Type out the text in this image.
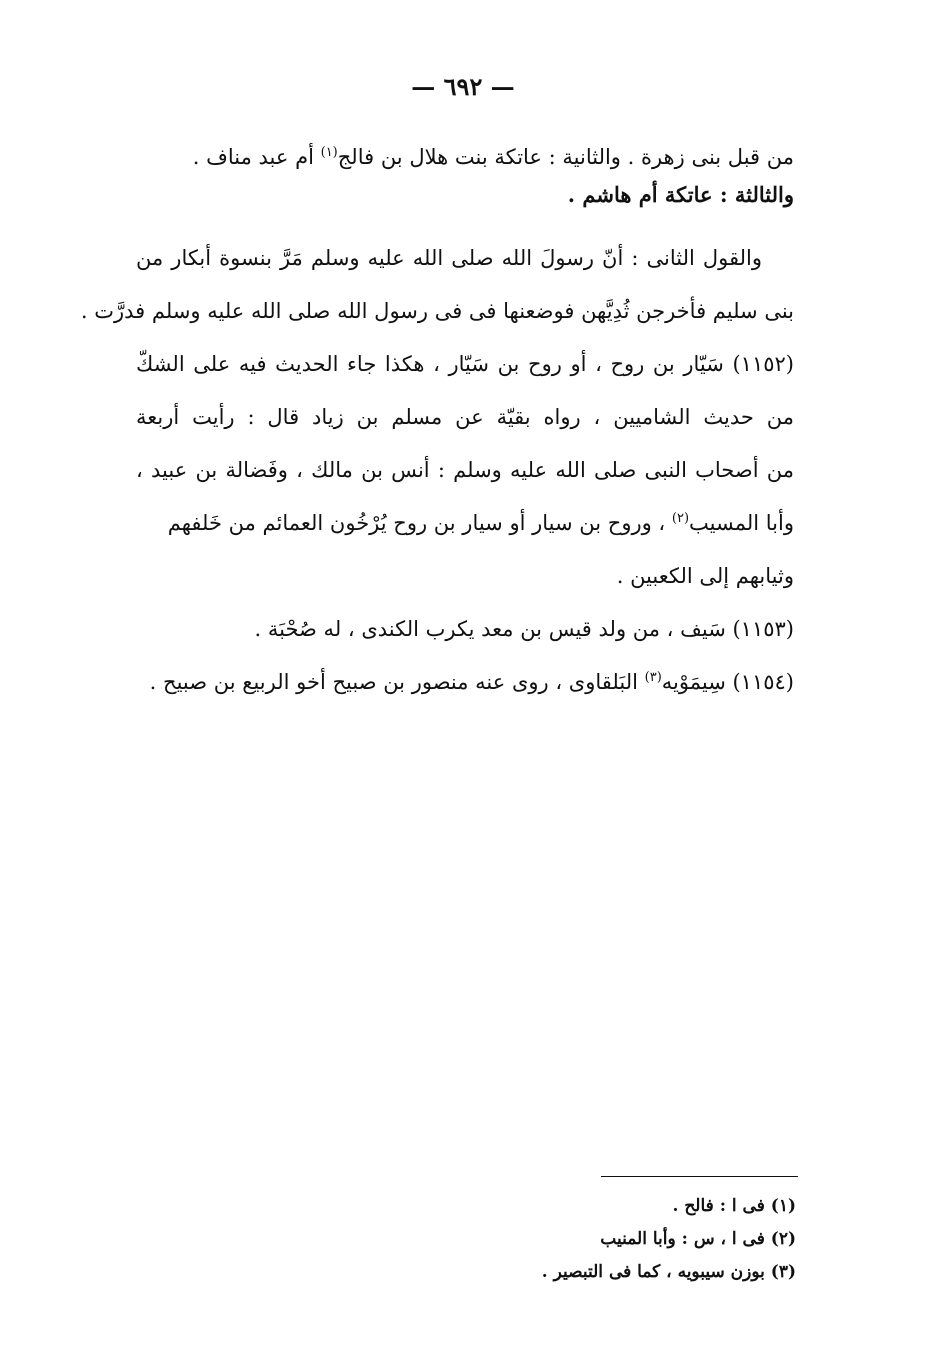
— ٦٩٢ —
من قبل بنى زهرة . والثانية : عاتكة بنت هلال بن فالج$^{(١)}$ أم عبد مناف .
والثالثة : عاتكة أم هاشم .
والقول الثانى : أنّ رسولَ الله صلى الله عليه وسلم مَرَّ بنسوة أبكار من
بنى سليم فأخرجن ثُدِيَّهن فوضعنها فى فى رسول الله صلى الله عليه وسلم فدرَّت .
(١١٥٢) سَيّار بن روح ، أو روح بن سَيّار ، هكذا جاء الحديث فيه على الشكّ
من حديث الشاميين ، رواه بقيّة عن مسلم بن زياد قال : رأيت أربعة
من أصحاب النبى صلى الله عليه وسلم : أنس بن مالك ، وفَضالة بن عبيد ،
وأبا المسيب$^{(٢)}$ ، وروح بن سيار أو سيار بن روح يُرْخُون العمائم من خَلفهم
وثيابهم إلى الكعبين .
(١١٥٣) سَيف ، من ولد قيس بن معد يكرب الكندى ، له صُحْبَة .
(١١٥٤) سِيمَوْيه$^{(٣)}$ البَلقاوى ، روى عنه منصور بن صبيح أخو الربيع بن صبيح .
(١) فى ا : فالح .
(٢) فى ا ، س : وأبا المنيب
(٣) بوزن سيبويه ، كما فى التبصير .
